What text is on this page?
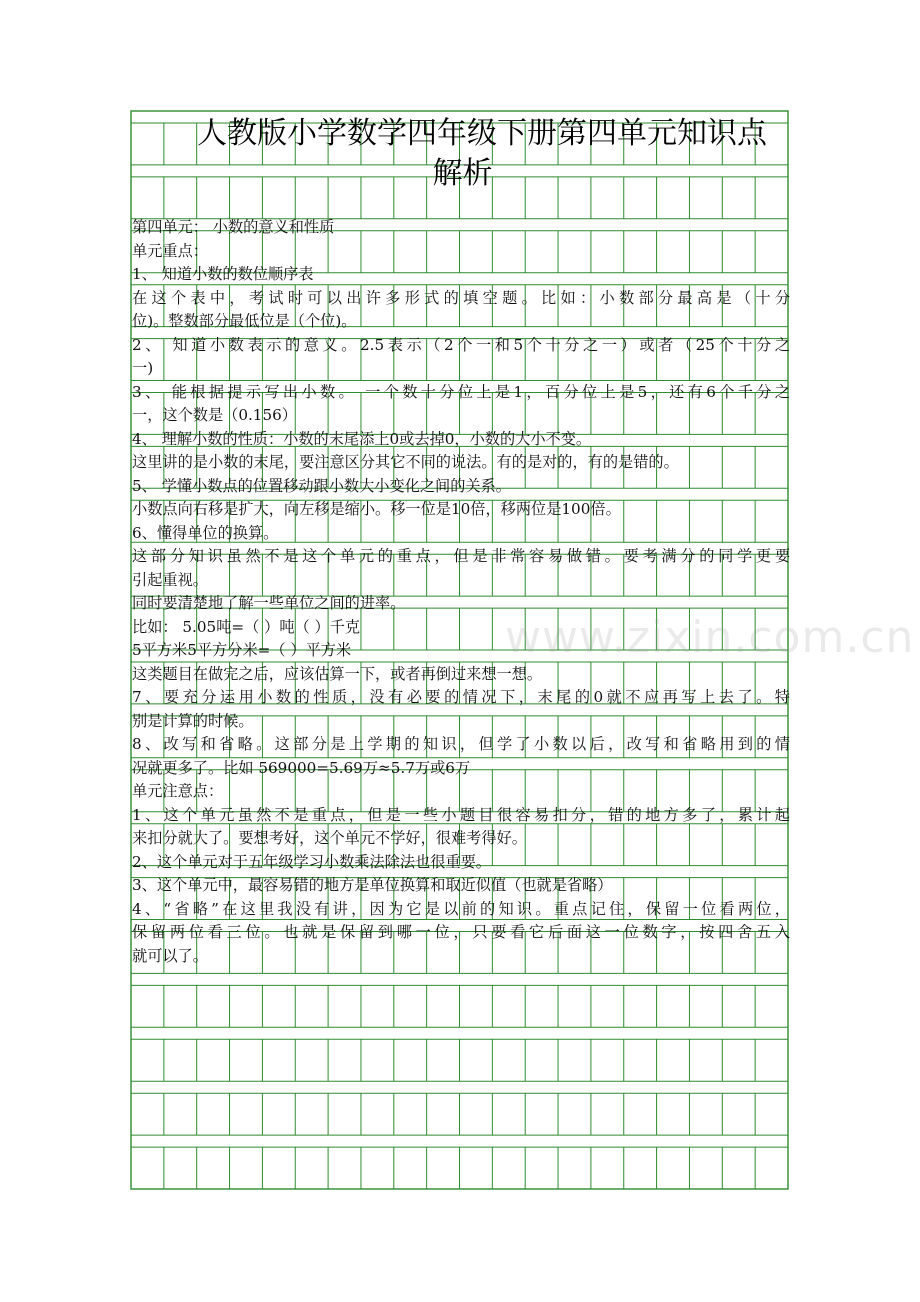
人教版小学数学四年级下册第四单元知识点
解析
第四单元： 小数的意义和性质
单元重点：
1、 知道小数的数位顺序表
在这个表中，考试时可以出许多形式的填空题。比如：小数部分最高是（十分
位)。整数部分最低位是（个位)。
2、 知道小数表示的意义。2.5表示（2个一和5个十分之一）或者（25个十分之
一)
3、 能根据提示写出小数。 一个数十分位上是1，百分位上是5，还有6个千分之
一，这个数是（0.156）
4、 理解小数的性质：小数的末尾添上0或去掉0，小数的大小不变。
这里讲的是小数的末尾，要注意区分其它不同的说法。有的是对的，有的是错的。
5、 学懂小数点的位置移动跟小数大小变化之间的关系。
小数点向右移是扩大，向左移是缩小。移一位是10倍，移两位是100倍。
6、懂得单位的换算。
这部分知识虽然不是这个单元的重点，但是非常容易做错。要考满分的同学更要
引起重视。
同时要清楚地了解一些单位之间的进率。
比如： 5.05吨=（ ）吨（ ）千克
5平方米5平方分米=（ ）平方米
这类题目在做完之后，应该估算一下，或者再倒过来想一想。
7、要充分运用小数的性质，没有必要的情况下，末尾的0就不应再写上去了。特
别是计算的时候。
8、改写和省略。这部分是上学期的知识，但学了小数以后，改写和省略用到的情
况就更多了。比如 569000=5.69万≈5.7万或6万
单元注意点：
1、这个单元虽然不是重点，但是一些小题目很容易扣分，错的地方多了，累计起
来扣分就大了。要想考好，这个单元不学好，很难考得好。
2、这个单元对于五年级学习小数乘法除法也很重要。
3、这个单元中，最容易错的地方是单位换算和取近似值（也就是省略）
4、“省略”在这里我没有讲，因为它是以前的知识。重点记住，保留一位看两位，
保留两位看三位。也就是保留到哪一位，只要看它后面这一位数字，按四舍五入
就可以了。
www.zixin.com.cn
